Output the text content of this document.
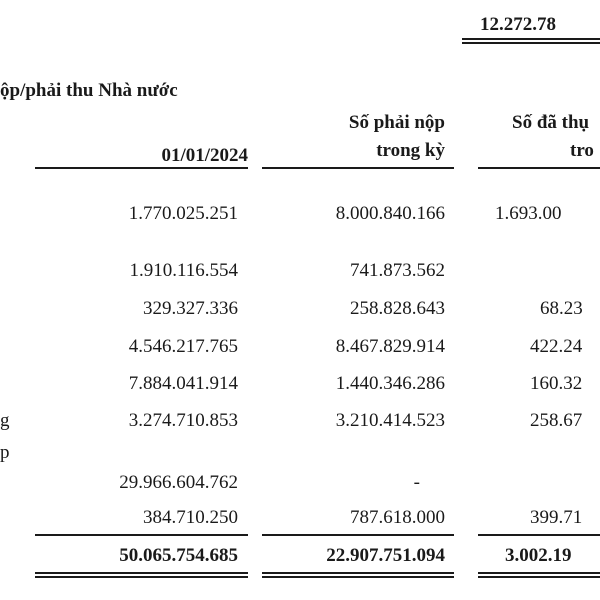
12.272.78
ộp/phải thu Nhà nước
01/01/2024
Số phải nộp
trong kỳ
Số đã thụ
tro
1.770.025.251	8.000.840.166	1.693.00
1.910.116.554	741.873.562
329.327.336	258.828.643	68.23
4.546.217.765	8.467.829.914	422.24
7.884.041.914	1.440.346.286	160.32
g	3.274.710.853	3.210.414.523	258.67
p
29.966.604.762	-
384.710.250	787.618.000	399.71
50.065.754.685	22.907.751.094	3.002.19
